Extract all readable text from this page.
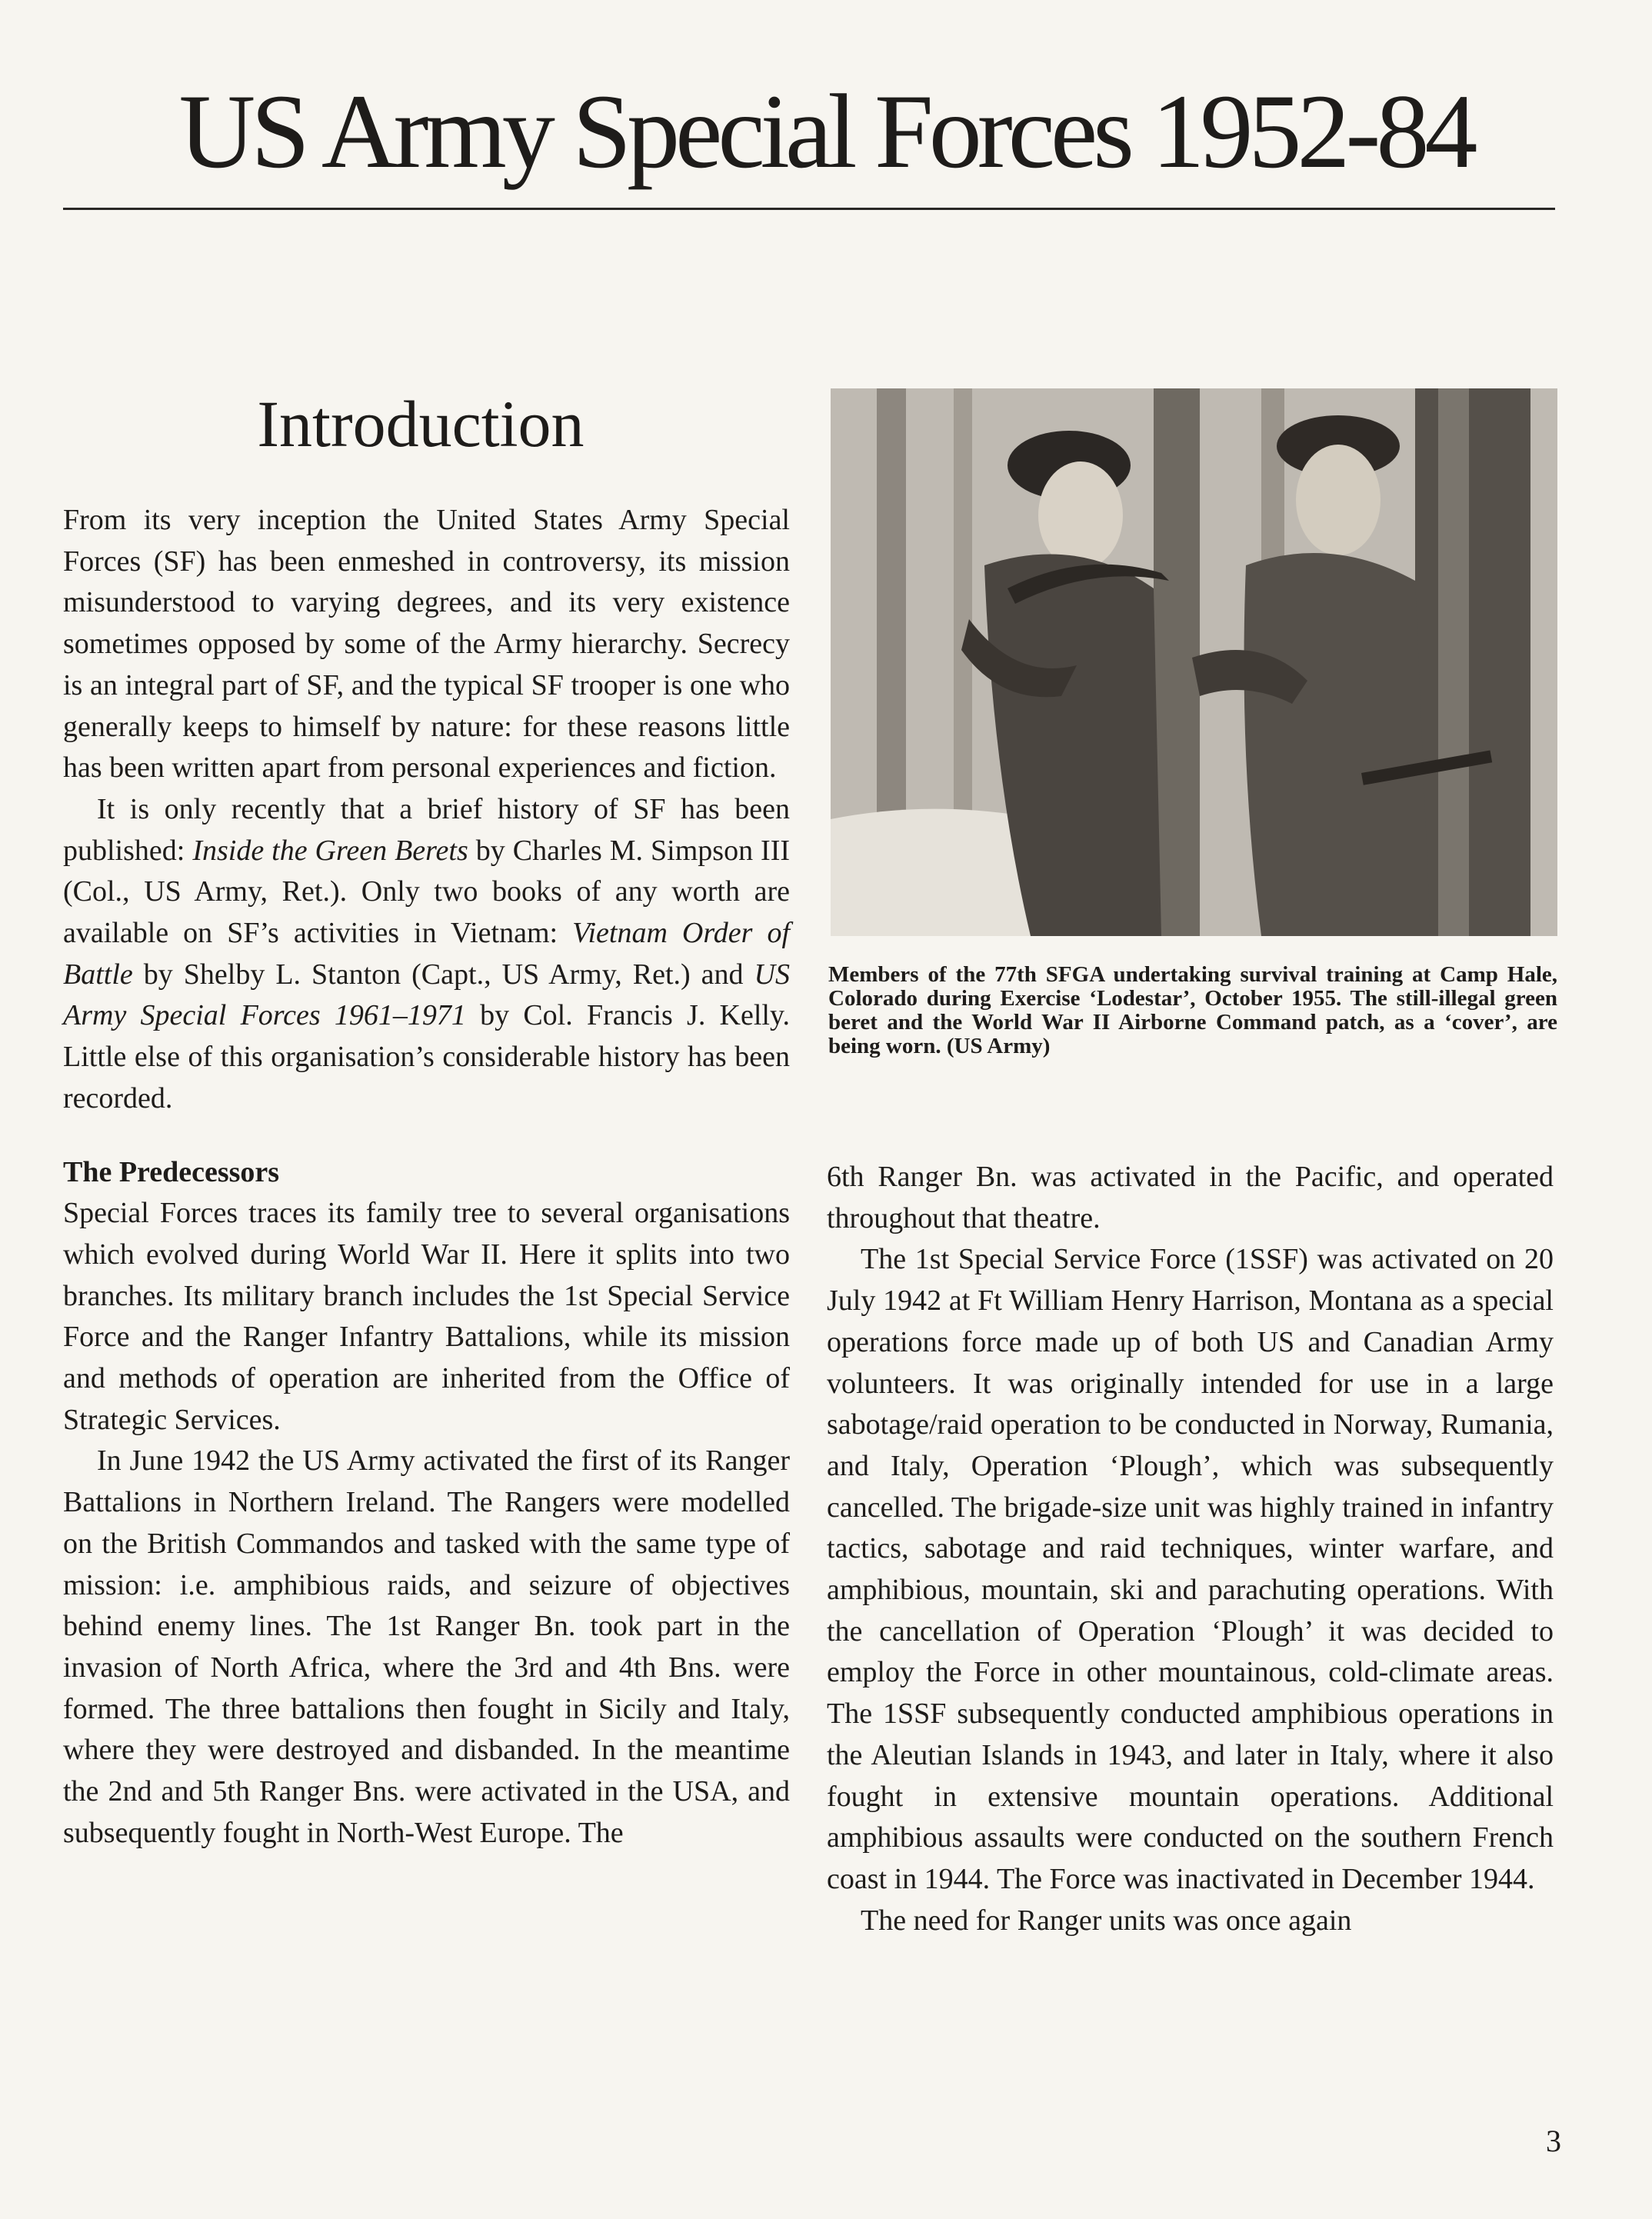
US Army Special Forces 1952-84
Introduction

From its very inception the United States Army Special Forces (SF) has been enmeshed in controversy, its mission misunderstood to varying degrees, and its very existence sometimes opposed by some of the Army hierarchy. Secrecy is an integral part of SF, and the typical SF trooper is one who generally keeps to himself by nature: for these reasons little has been written apart from personal experiences and fiction.

It is only recently that a brief history of SF has been published: Inside the Green Berets by Charles M. Simpson III (Col., US Army, Ret.). Only two books of any worth are available on SF’s activities in Vietnam: Vietnam Order of Battle by Shelby L. Stanton (Capt., US Army, Ret.) and US Army Special Forces 1961–1971 by Col. Francis J. Kelly. Little else of this organisation’s considerable history has been recorded.

The Predecessors

Special Forces traces its family tree to several organisations which evolved during World War II. Here it splits into two branches. Its military branch includes the 1st Special Service Force and the Ranger Infantry Battalions, while its mission and methods of operation are inherited from the Office of Strategic Services.

In June 1942 the US Army activated the first of its Ranger Battalions in Northern Ireland. The Rangers were modelled on the British Commandos and tasked with the same type of mission: i.e. amphibious raids, and seizure of objectives behind enemy lines. The 1st Ranger Bn. took part in the invasion of North Africa, where the 3rd and 4th Bns. were formed. The three battalions then fought in Sicily and Italy, where they were destroyed and disbanded. In the meantime the 2nd and 5th Ranger Bns. were activated in the USA, and subsequently fought in North-West Europe. The

Members of the 77th SFGA undertaking survival training at Camp Hale, Colorado during Exercise ‘Lodestar’, October 1955. The still-illegal green beret and the World War II Airborne Command patch, as a ‘cover’, are being worn. (US Army)

6th Ranger Bn. was activated in the Pacific, and operated throughout that theatre.

The 1st Special Service Force (1SSF) was activated on 20 July 1942 at Ft William Henry Harrison, Montana as a special operations force made up of both US and Canadian Army volunteers. It was originally intended for use in a large sabotage/raid operation to be conducted in Norway, Rumania, and Italy, Operation ‘Plough’, which was subsequently cancelled. The brigade-size unit was highly trained in infantry tactics, sabotage and raid techniques, winter warfare, and amphibious, mountain, ski and parachuting operations. With the cancellation of Operation ‘Plough’ it was decided to employ the Force in other mountainous, cold-climate areas. The 1SSF subsequently conducted amphibious operations in the Aleutian Islands in 1943, and later in Italy, where it also fought in extensive mountain operations. Additional amphibious assaults were conducted on the southern French coast in 1944. The Force was inactivated in December 1944.

The need for Ranger units was once again

3
